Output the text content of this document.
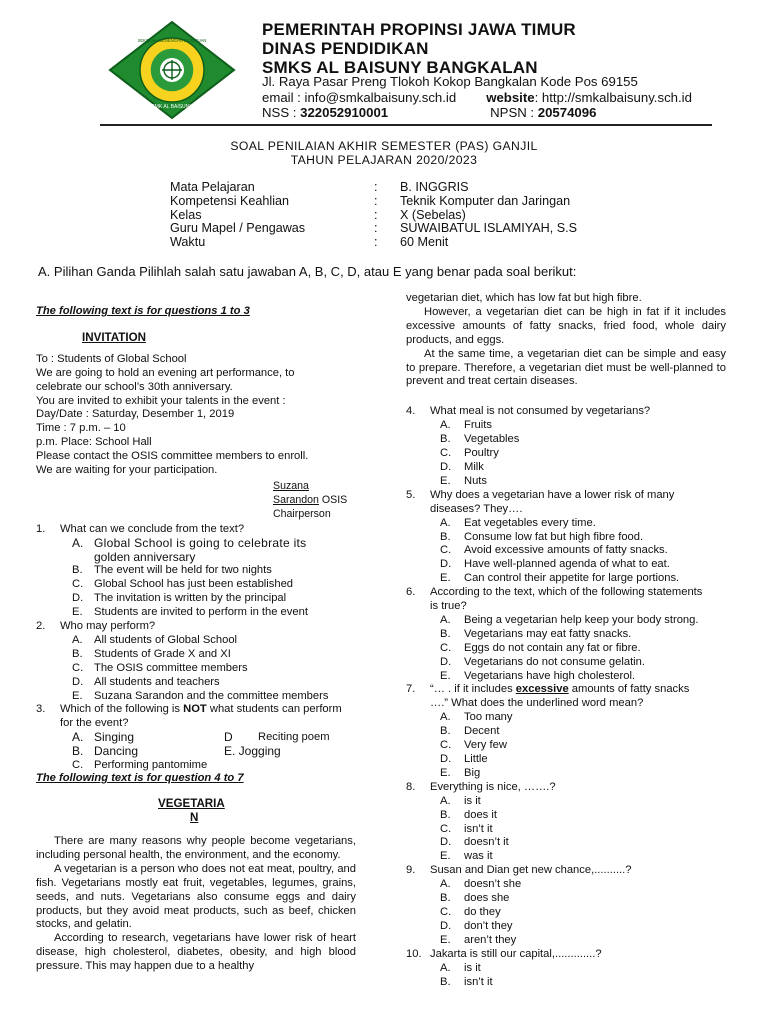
SMK AL BAISUNY
SEKOLAH MENENGAH KEJURUAN
PEMERINTAH PROPINSI JAWA TIMUR
DINAS PENDIDIKAN
SMKS AL BAISUNY BANGKALAN
Jl. Raya Pasar Preng Tlokoh Kokop Bangkalan Kode Pos 69155
email : info@smkalbaisuny.sch.id website: http://smkalbaisuny.sch.id
NSS : 322052910001	NPSN : 20574096
SOAL PENILAIAN AKHIR SEMESTER (PAS) GANJIL
TAHUN PELAJARAN 2020/2023
Mata Pelajaran	:	B. INGGRIS
Kompetensi Keahlian	:	Teknik Komputer dan Jaringan
Kelas	:	X (Sebelas)
Guru Mapel / Pengawas	:	SUWAIBATUL ISLAMIYAH, S.S
Waktu	:	60 Menit
A. Pilihan Ganda Pilihlah salah satu jawaban A, B, C, D, atau E yang benar pada soal berikut:

The following text is for questions 1 to 3

INVITATION

To : Students of Global School

We are going to hold an evening art performance, to

celebrate our school’s 30th anniversary.

You are invited to exhibit your talents in the event :

Day/Date : Saturday, Desember 1, 2019

Time : 7 p.m. – 10

p.m. Place: School Hall

Please contact the OSIS committee members to enroll.

We are waiting for your participation.

Suzana

Sarandon OSIS

Chairperson

1. What can we conclude from the text?
A. Global School is going to celebrate its
golden anniversary
B. The event will be held for two nights
C. Global School has just been established
D. The invitation is written by the principal
E. Students are invited to perform in the event
2. Who may perform?
A. All students of Global School
B. Students of Grade X and XI
C. The OSIS committee members
D. All students and teachers
E. Suzana Sarandon and the committee members
3. Which of the following is NOT what students can perform
for the event?
A. Singing	D Reciting poem
B. Dancing	E. Jogging
C. Performing pantomime

The following text is for question 4 to 7

VEGETARIA

N

There are many reasons why people become vegetarians, including personal health, the environment, and the economy.

A vegetarian is a person who does not eat meat, poultry, and fish. Vegetarians mostly eat fruit, vegetables, legumes, grains, seeds, and nuts. Vegetarians also consume eggs and dairy products, but they avoid meat products, such as beef, chicken stocks, and gelatin.

According to research, vegetarians have lower risk of heart disease, high cholesterol, diabetes, obesity, and high blood pressure. This may happen due to a healthy

vegetarian diet, which has low fat but high fibre.

However, a vegetarian diet can be high in fat if it includes excessive amounts of fatty snacks, fried food, whole dairy products, and eggs.

At the same time, a vegetarian diet can be simple and easy to prepare. Therefore, a vegetarian diet must be well-planned to prevent and treat certain diseases.

4. What meal is not consumed by vegetarians?
A. Fruits
B. Vegetables
C. Poultry
D. Milk
E. Nuts
5. Why does a vegetarian have a lower risk of many
diseases? They….
A. Eat vegetables every time.
B. Consume low fat but high fibre food.
C. Avoid excessive amounts of fatty snacks.
D. Have well-planned agenda of what to eat.
E. Can control their appetite for large portions.
6. According to the text, which of the following statements
is true?
A. Being a vegetarian help keep your body strong.
B. Vegetarians may eat fatty snacks.
C. Eggs do not contain any fat or fibre.
D. Vegetarians do not consume gelatin.
E. Vegetarians have high cholesterol.
7. “… . if it includes excessive amounts of fatty snacks
….” What does the underlined word mean?
A. Too many
B. Decent
C. Very few
D. Little
E. Big
8. Everything is nice, …….?
A. is it
B. does it
C. isn’t it
D. doesn’t it
E. was it
9. Susan and Dian get new chance,..........?
A. doesn’t she
B. does she
C. do they
D. don’t they
E. aren’t they
10. Jakarta is still our capital,.............?
A. is it
B. isn’t it
